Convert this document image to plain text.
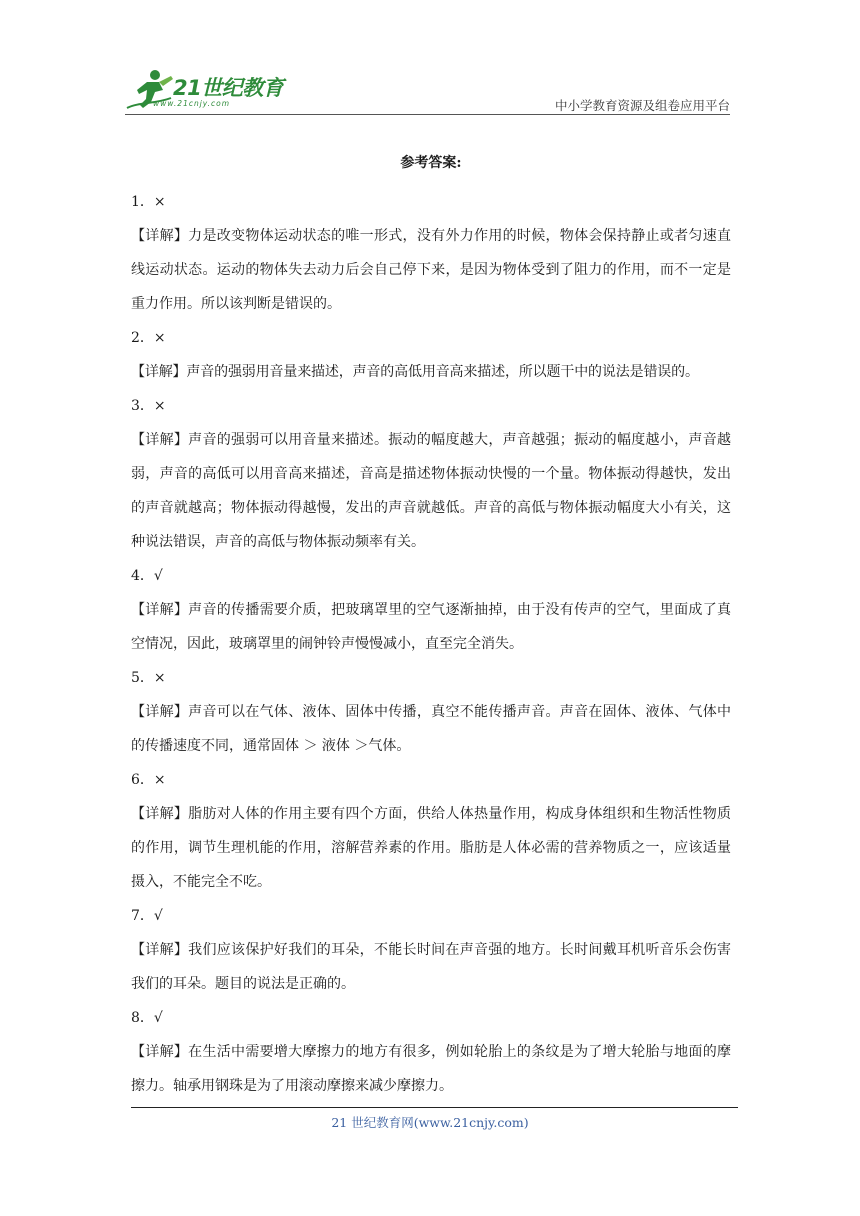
21世纪教育
www.21cnjy.com	中小学教育资源及组卷应用平台

参考答案:

1．×

【详解】力是改变物体运动状态的唯一形式，没有外力作用的时候，物体会保持静止或者匀速直线运动状态。运动的物体失去动力后会自己停下来，是因为物体受到了阻力的作用，而不一定是重力作用。所以该判断是错误的。

2．×

【详解】声音的强弱用音量来描述，声音的高低用音高来描述，所以题干中的说法是错误的。

3．×

【详解】声音的强弱可以用音量来描述。振动的幅度越大，声音越强；振动的幅度越小，声音越弱，声音的高低可以用音高来描述，音高是描述物体振动快慢的一个量。物体振动得越快，发出的声音就越高；物体振动得越慢，发出的声音就越低。声音的高低与物体振动幅度大小有关，这种说法错误，声音的高低与物体振动频率有关。

4．√

【详解】声音的传播需要介质，把玻璃罩里的空气逐渐抽掉，由于没有传声的空气，里面成了真空情况，因此，玻璃罩里的闹钟铃声慢慢减小，直至完全消失。

5．×

【详解】声音可以在气体、液体、固体中传播，真空不能传播声音。声音在固体、液体、气体中的传播速度不同，通常固体 ＞ 液体 ＞气体。

6．×

【详解】脂肪对人体的作用主要有四个方面，供给人体热量作用，构成身体组织和生物活性物质的作用，调节生理机能的作用，溶解营养素的作用。脂肪是人体必需的营养物质之一，应该适量摄入，不能完全不吃。

7．√

【详解】我们应该保护好我们的耳朵，不能长时间在声音强的地方。长时间戴耳机听音乐会伤害我们的耳朵。题目的说法是正确的。

8．√

【详解】在生活中需要增大摩擦力的地方有很多，例如轮胎上的条纹是为了增大轮胎与地面的摩擦力。轴承用钢珠是为了用滚动摩擦来减少摩擦力。

21 世纪教育网(www.21cnjy.com)
